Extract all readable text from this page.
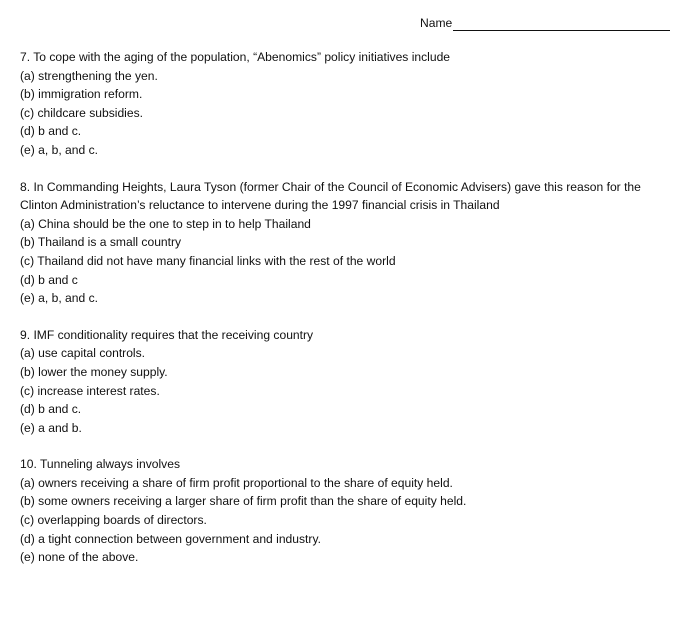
Name
7. To cope with the aging of the population, “Abenomics” policy initiatives include
(a) strengthening the yen.
(b) immigration reform.
(c) childcare subsidies.
(d) b and c.
(e) a, b, and c.
8. In Commanding Heights, Laura Tyson (former Chair of the Council of Economic Advisers) gave this reason for the Clinton Administration’s reluctance to intervene during the 1997 financial crisis in Thailand
(a) China should be the one to step in to help Thailand
(b) Thailand is a small country
(c) Thailand did not have many financial links with the rest of the world
(d) b and c
(e) a, b, and c.
9. IMF conditionality requires that the receiving country
(a) use capital controls.
(b) lower the money supply.
(c) increase interest rates.
(d) b and c.
(e) a and b.
10. Tunneling always involves
(a) owners receiving a share of firm profit proportional to the share of equity held.
(b) some owners receiving a larger share of firm profit than the share of equity held.
(c) overlapping boards of directors.
(d) a tight connection between government and industry.
(e) none of the above.
